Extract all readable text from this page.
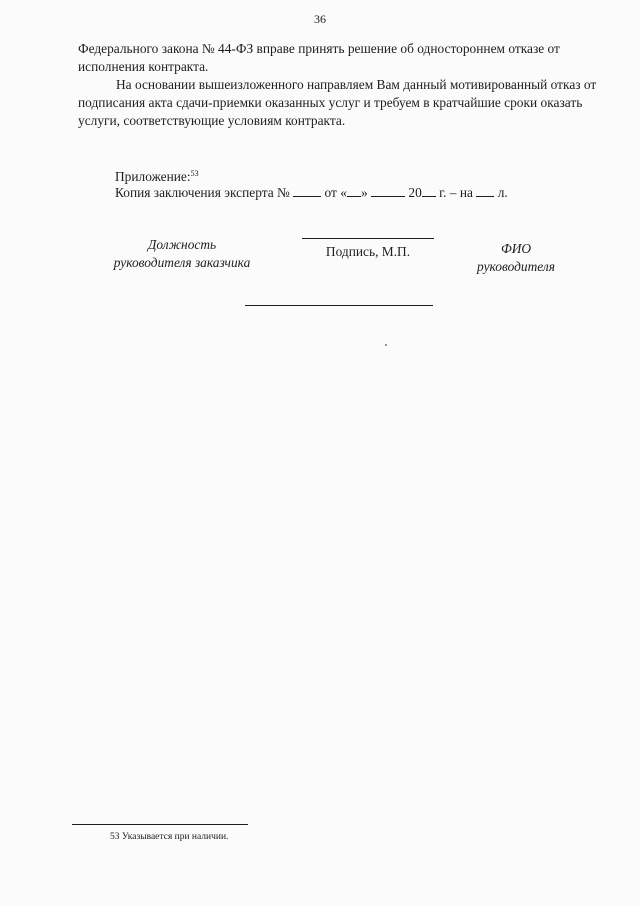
36

Федерального закона № 44-ФЗ вправе принять решение об одностороннем отказе от исполнения контракта.

На основании вышеизложенного направляем Вам данный мотивированный отказ от подписания акта сдачи-приемки оказанных услуг и требуем в кратчайшие сроки оказать услуги, соответствующие условиям контракта.

Приложение:$^{53}$
Копия заключения эксперта №	от « »	20 г. – на л.
Должность
руководителя заказчика
Подпись, М.П.	ФИО
руководителя
53 Указывается при наличии.
